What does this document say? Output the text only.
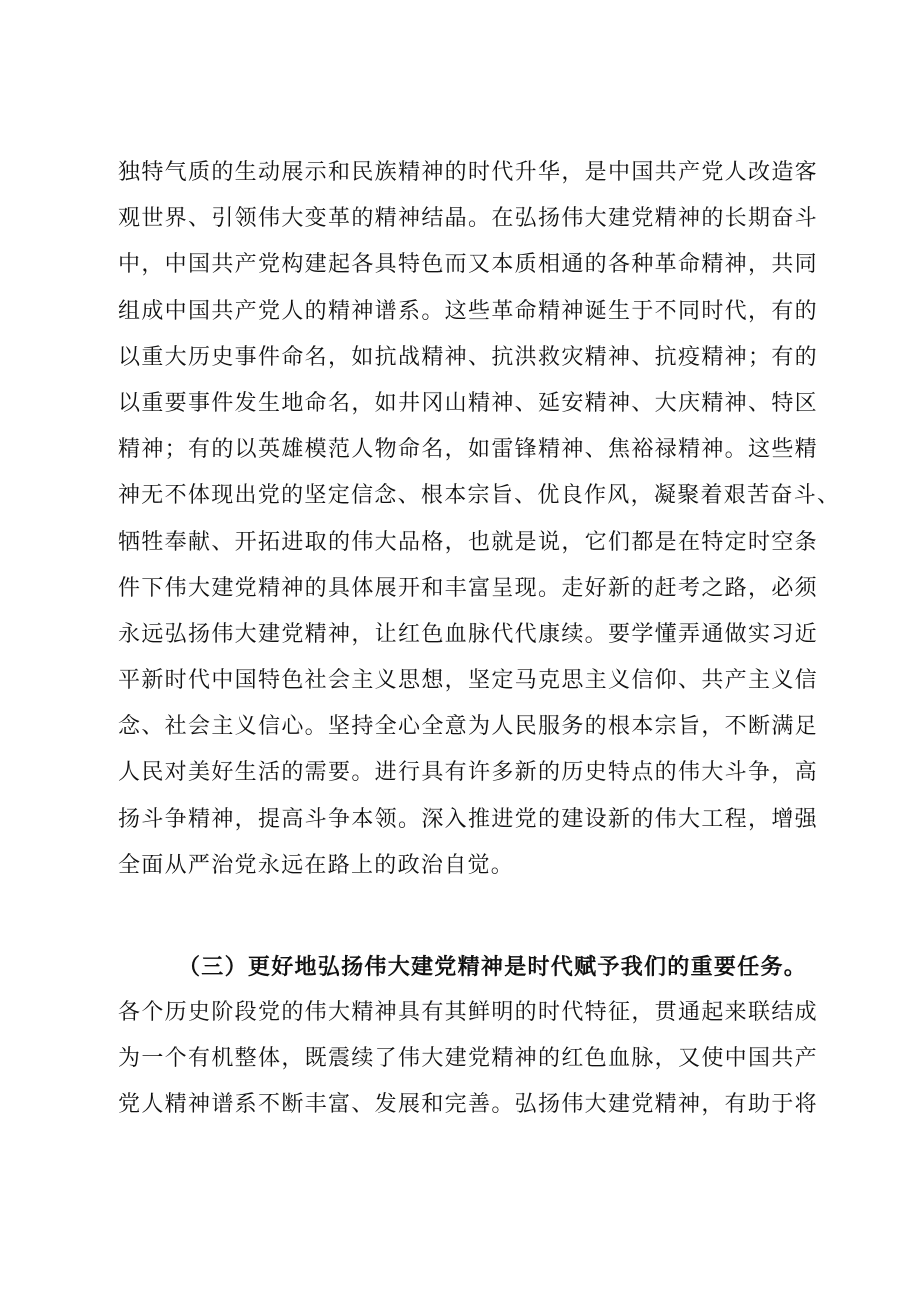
独特气质的生动展示和民族精神的时代升华，是中国共产党人改造客
观世界、引领伟大变革的精神结晶。在弘扬伟大建党精神的长期奋斗
中，中国共产党构建起各具特色而又本质相通的各种革命精神，共同
组成中国共产党人的精神谱系。这些革命精神诞生于不同时代，有的
以重大历史事件命名，如抗战精神、抗洪救灾精神、抗疫精神；有的
以重要事件发生地命名，如井冈山精神、延安精神、大庆精神、特区
精神；有的以英雄模范人物命名，如雷锋精神、焦裕禄精神。这些精
神无不体现出党的坚定信念、根本宗旨、优良作风，凝聚着艰苦奋斗、
牺牲奉献、开拓进取的伟大品格，也就是说，它们都是在特定时空条
件下伟大建党精神的具体展开和丰富呈现。走好新的赶考之路，必须
永远弘扬伟大建党精神，让红色血脉代代康续。要学懂弄通做实习近
平新时代中国特色社会主义思想，坚定马克思主义信仰、共产主义信
念、社会主义信心。坚持全心全意为人民服务的根本宗旨，不断满足
人民对美好生活的需要。进行具有许多新的历史特点的伟大斗争，高
扬斗争精神，提高斗争本领。深入推进党的建设新的伟大工程，增强
全面从严治党永远在路上的政治自觉。
（三）更好地弘扬伟大建党精神是时代赋予我们的重要任务。
各个历史阶段党的伟大精神具有其鲜明的时代特征，贯通起来联结成
为一个有机整体，既震续了伟大建党精神的红色血脉，又使中国共产
党人精神谱系不断丰富、发展和完善。弘扬伟大建党精神，有助于将
